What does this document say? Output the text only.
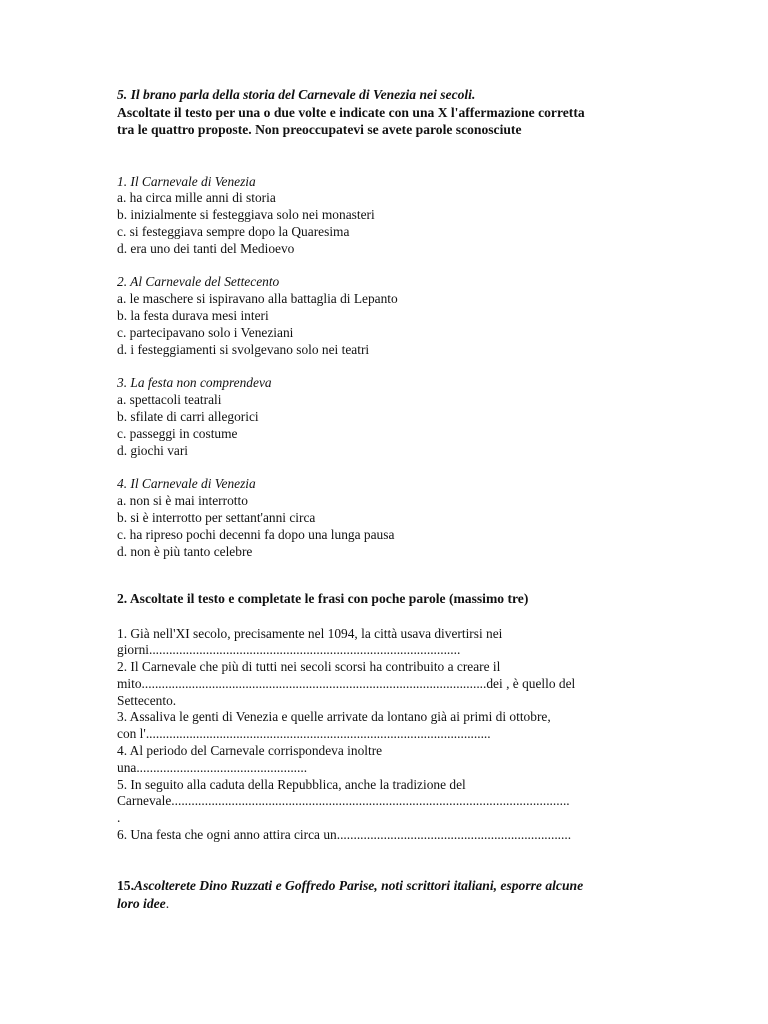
5. Il brano parla della storia del Carnevale di Venezia nei secoli.
Ascoltate il testo per una o due volte e indicate con una X l'affermazione corretta
tra le quattro proposte. Non preoccupatevi se avete parole sconosciute

1. Il Carnevale di Venezia
a. ha circa mille anni di storia
b. inizialmente si festeggiava solo nei monasteri
c. si festeggiava sempre dopo la Quaresima
d. era uno dei tanti del Medioevo
2. Al Carnevale del Settecento
a. le maschere si ispiravano alla battaglia di Lepanto
b. la festa durava mesi interi
c. partecipavano solo i Veneziani
d. i festeggiamenti si svolgevano solo nei teatri
3. La festa non comprendeva
a. spettacoli teatrali
b. sfilate di carri allegorici
c. passeggi in costume
d. giochi vari
4. Il Carnevale di Venezia
a. non si è mai interrotto
b. si è interrotto per settant'anni circa
c. ha ripreso pochi decenni fa dopo una lunga pausa
d. non è più tanto celebre

2. Ascoltate il testo e completate le frasi con poche parole (massimo tre)

1. Già nell'XI secolo, precisamente nel 1094, la città usava divertirsi nei
giorni.............................................................................................
2. Il Carnevale che più di tutti nei secoli scorsi ha contribuito a creare il
mito.......................................................................................................dei , è quello del
Settecento.
3. Assaliva le genti di Venezia e quelle arrivate da lontano già ai primi di ottobre,
con l'.......................................................................................................
4. Al periodo del Carnevale corrispondeva inoltre
una...................................................
5. In seguito alla caduta della Repubblica, anche la tradizione del
Carnevale.......................................................................................................................
.
6. Una festa che ogni anno attira circa un......................................................................

15.Ascolterete Dino Ruzzati e Goffredo Parise, noti scrittori italiani, esporre alcune
loro idee.
